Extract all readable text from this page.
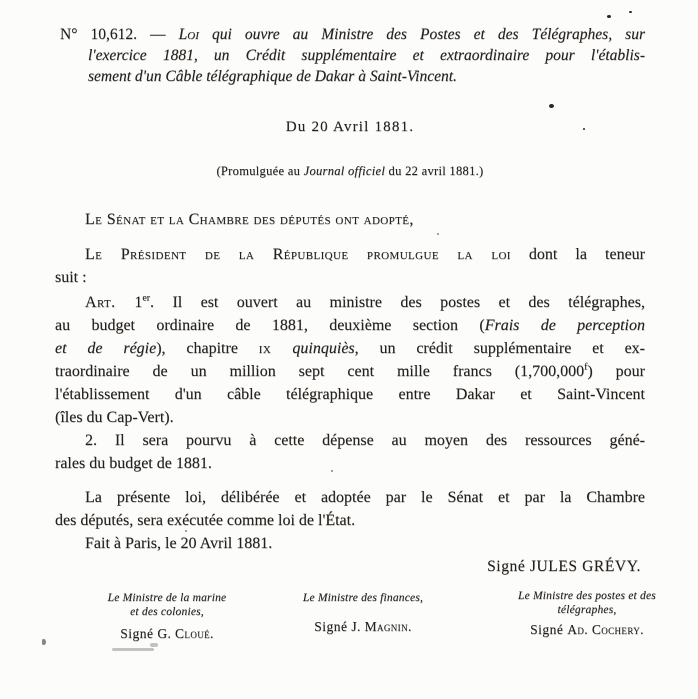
N° 10,612. — Loi qui ouvre au Ministre des Postes et des Télégraphes, sur
l'exercice 1881, un Crédit supplémentaire et extraordinaire pour l'établis-
sement d'un Câble télégraphique de Dakar à Saint-Vincent.
Du 20 Avril 1881.
(Promulguée au Journal officiel du 22 avril 1881.)
Le Sénat et la Chambre des députés ont adopté,
Le Président de la République promulgue la loi dont la teneur
suit :
Art. 1er. Il est ouvert au ministre des postes et des télégraphes,
au budget ordinaire de 1881, deuxième section (Frais de perception
et de régie), chapitre ix quinquiès, un crédit supplémentaire et ex-
traordinaire de un million sept cent mille francs (1,700,000$^f$) pour
l'établissement d'un câble télégraphique entre Dakar et Saint-Vincent
(îles du Cap-Vert).
2. Il sera pourvu à cette dépense au moyen des ressources géné-
rales du budget de 1881.
La présente loi, délibérée et adoptée par le Sénat et par la Chambre
des députés, sera exécutée comme loi de l'État.
Fait à Paris, le 20 Avril 1881.
Signé JULES GRÉVY.
Le Ministre de la marine
et des colonies,
Signé G. Cloué.
Le Ministre des finances,
Signé J. Magnin.
Le Ministre des postes et des
télégraphes,
Signé Ad. Cochery.
